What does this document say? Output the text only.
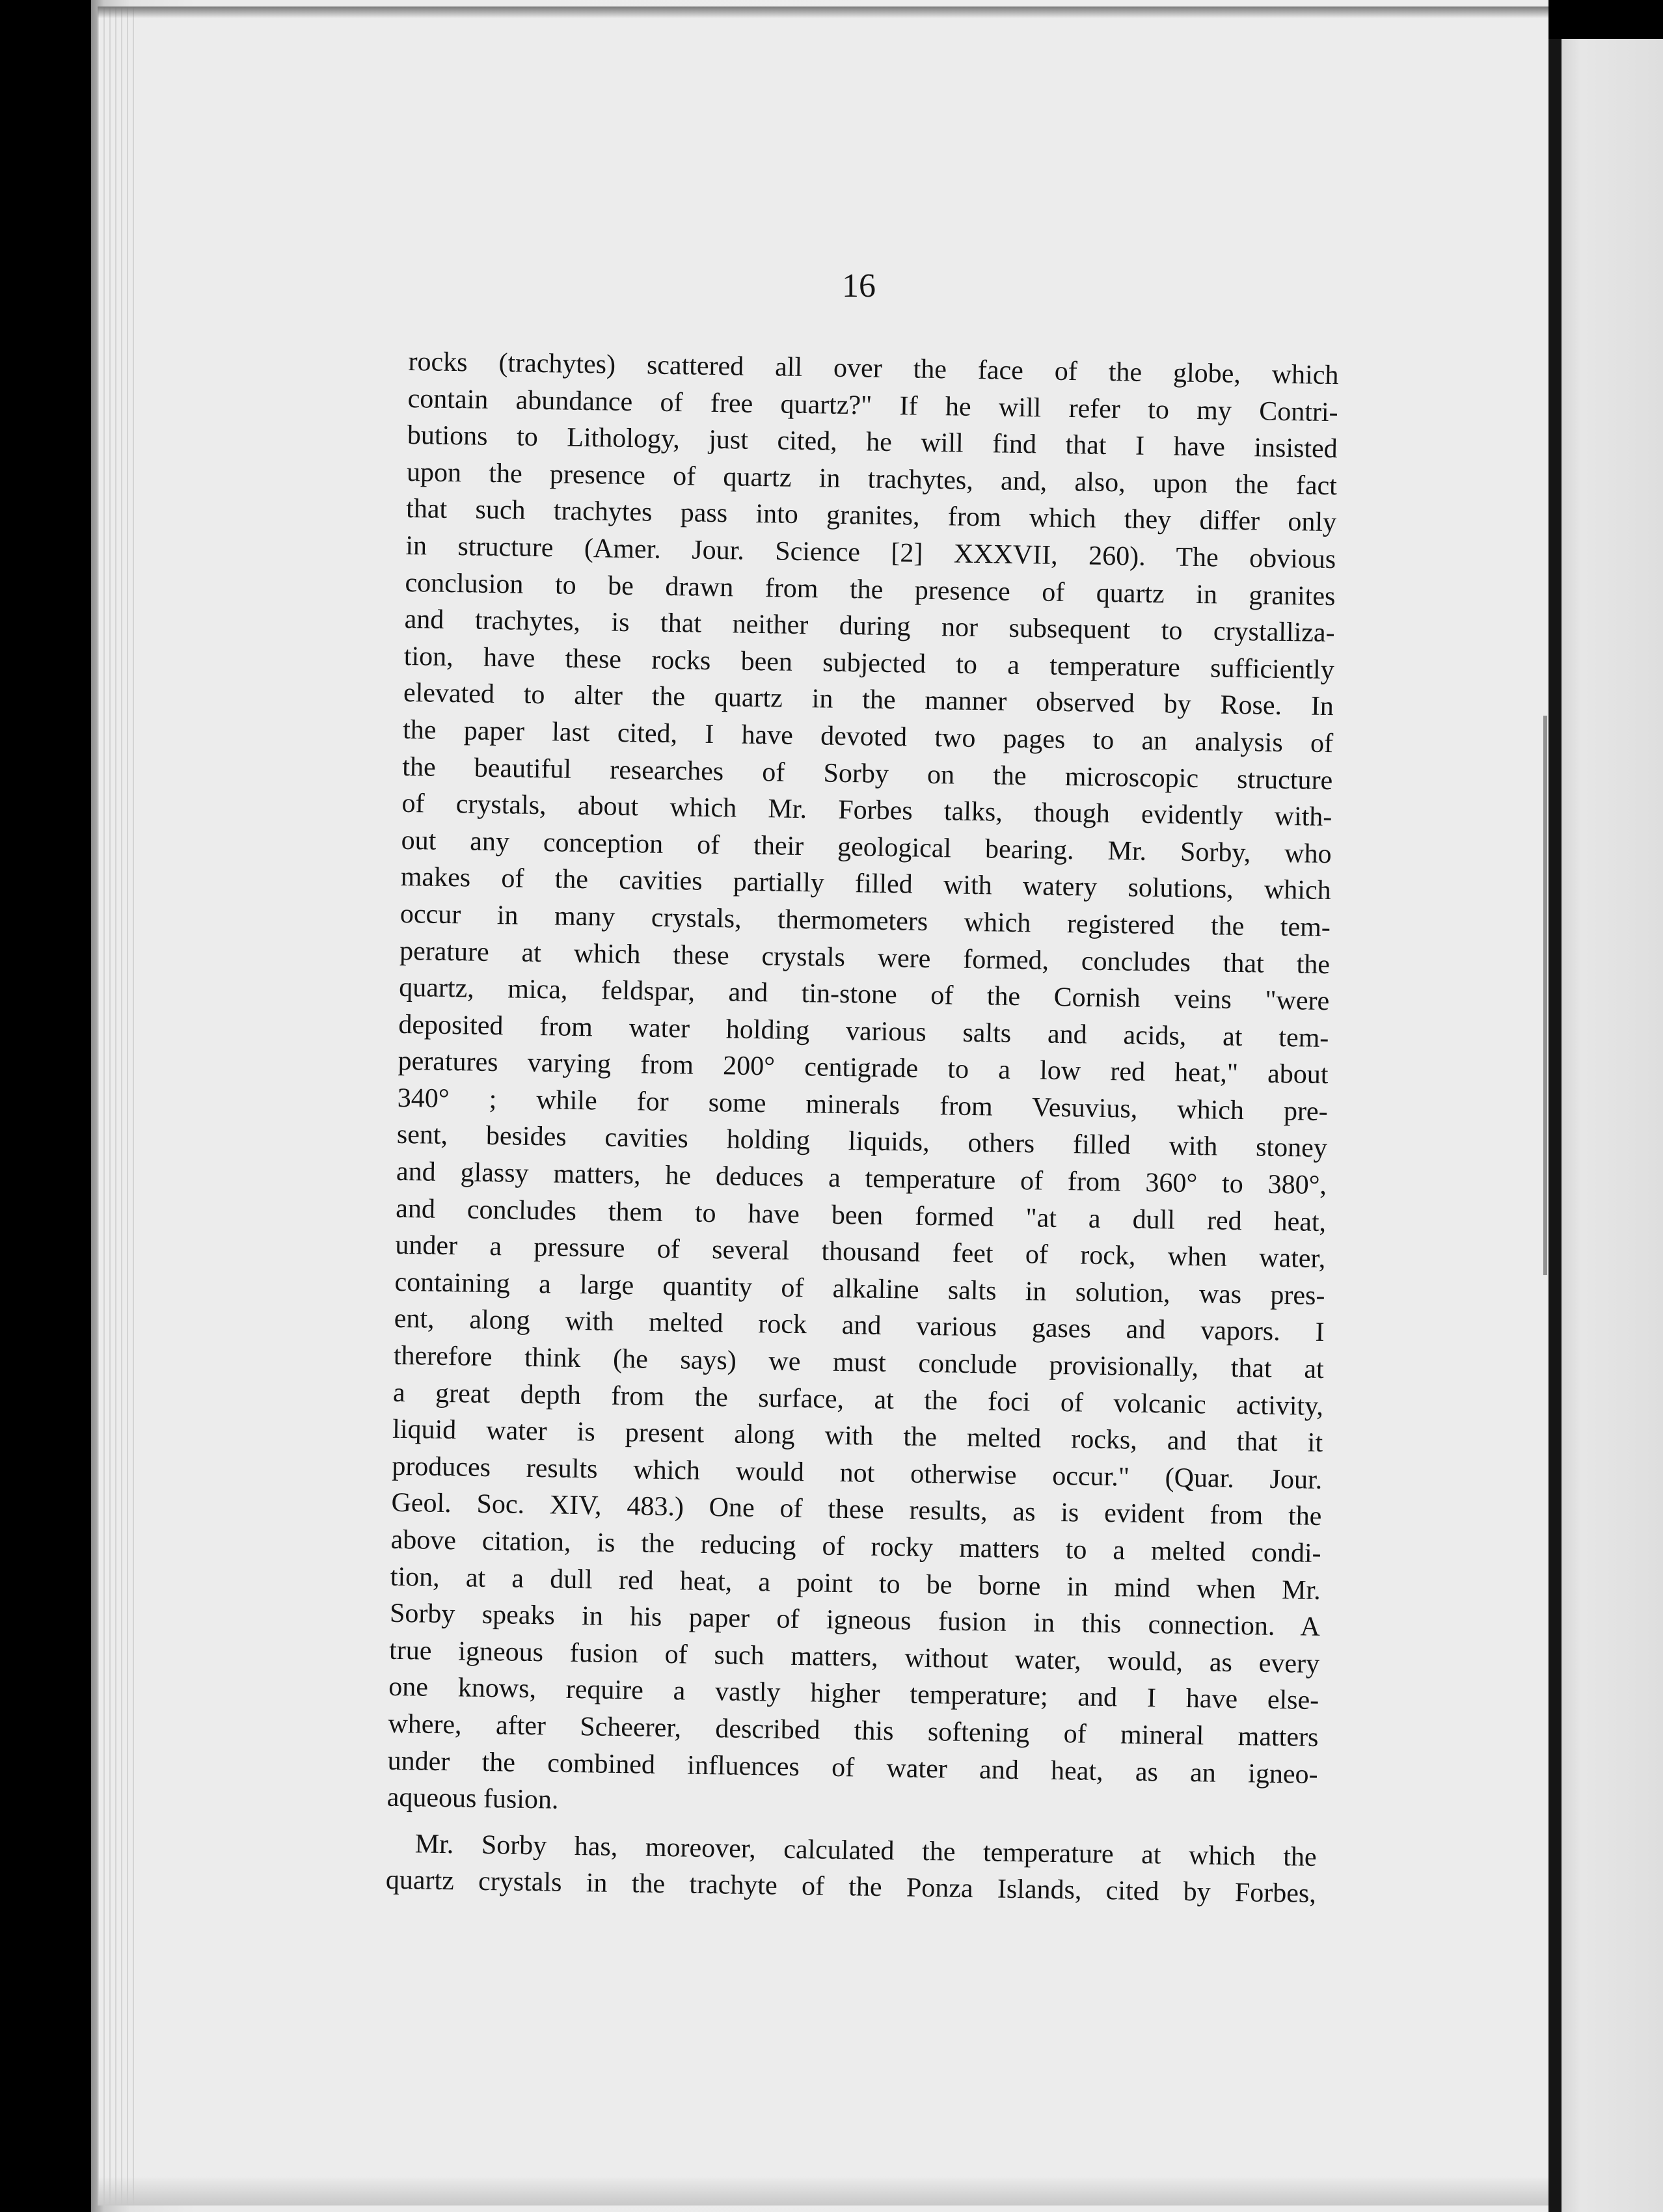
16
rocks (trachytes) scattered all over the face of the globe, which
contain abundance of free quartz?" If he will refer to my Contri-
butions to Lithology, just cited, he will find that I have insisted
upon the presence of quartz in trachytes, and, also, upon the fact
that such trachytes pass into granites, from which they differ only
in structure (Amer. Jour. Science [2] XXXVII, 260). The obvious
conclusion to be drawn from the presence of quartz in granites
and trachytes, is that neither during nor subsequent to crystalliza-
tion, have these rocks been subjected to a temperature sufficiently
elevated to alter the quartz in the manner observed by Rose. In
the paper last cited, I have devoted two pages to an analysis of
the beautiful researches of Sorby on the microscopic structure
of crystals, about which Mr. Forbes talks, though evidently with-
out any conception of their geological bearing. Mr. Sorby, who
makes of the cavities partially filled with watery solutions, which
occur in many crystals, thermometers which registered the tem-
perature at which these crystals were formed, concludes that the
quartz, mica, feldspar, and tin-stone of the Cornish veins "were
deposited from water holding various salts and acids, at tem-
peratures varying from 200° centigrade to a low red heat," about
340° ; while for some minerals from Vesuvius, which pre-
sent, besides cavities holding liquids, others filled with stoney
and glassy matters, he deduces a temperature of from 360° to 380°,
and concludes them to have been formed "at a dull red heat,
under a pressure of several thousand feet of rock, when water,
containing a large quantity of alkaline salts in solution, was pres-
ent, along with melted rock and various gases and vapors. I
therefore think (he says) we must conclude provisionally, that at
a great depth from the surface, at the foci of volcanic activity,
liquid water is present along with the melted rocks, and that it
produces results which would not otherwise occur." (Quar. Jour.
Geol. Soc. XIV, 483.) One of these results, as is evident from the
above citation, is the reducing of rocky matters to a melted condi-
tion, at a dull red heat, a point to be borne in mind when Mr.
Sorby speaks in his paper of igneous fusion in this connection. A
true igneous fusion of such matters, without water, would, as every
one knows, require a vastly higher temperature; and I have else-
where, after Scheerer, described this softening of mineral matters
under the combined influences of water and heat, as an igneo-
aqueous fusion.
Mr. Sorby has, moreover, calculated the temperature at which the
quartz crystals in the trachyte of the Ponza Islands, cited by Forbes,
